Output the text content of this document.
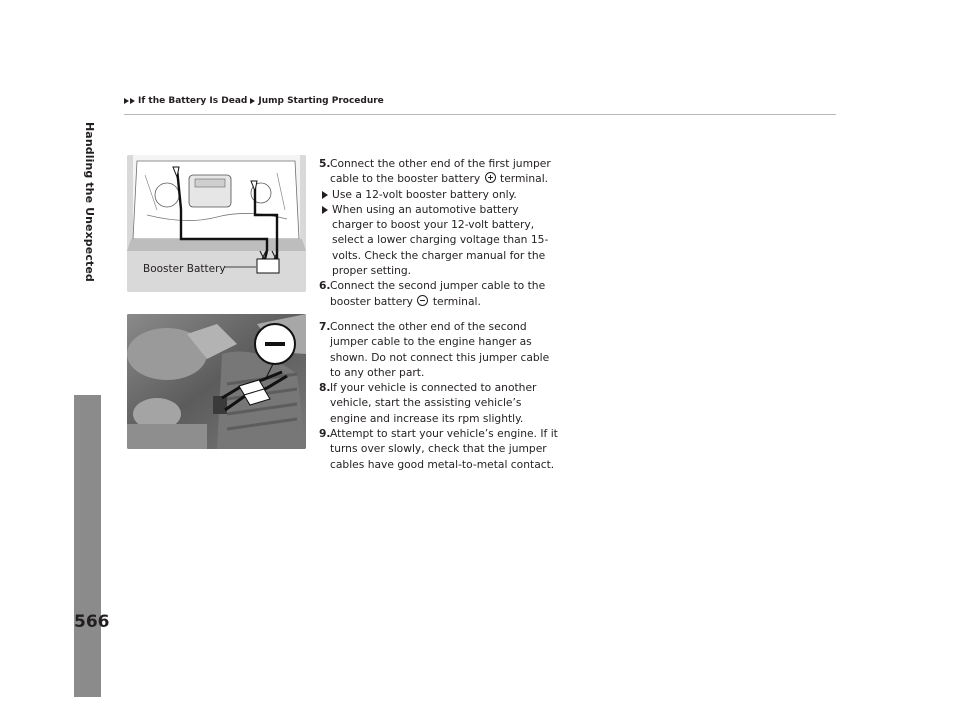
If the Battery Is Dead Jump Starting Procedure
Handling the Unexpected
566
Booster Battery
5. Connect the other end of the first jumper cable to the booster battery terminal.
Use a 12-volt booster battery only.
When using an automotive battery charger to boost your 12-volt battery, select a lower charging voltage than 15-volts. Check the charger manual for the proper setting.
6. Connect the second jumper cable to the booster battery terminal.
7. Connect the other end of the second jumper cable to the engine hanger as shown. Do not connect this jumper cable to any other part.
8. If your vehicle is connected to another vehicle, start the assisting vehicle’s engine and increase its rpm slightly.
9. Attempt to start your vehicle’s engine. If it turns over slowly, check that the jumper cables have good metal-to-metal contact.
